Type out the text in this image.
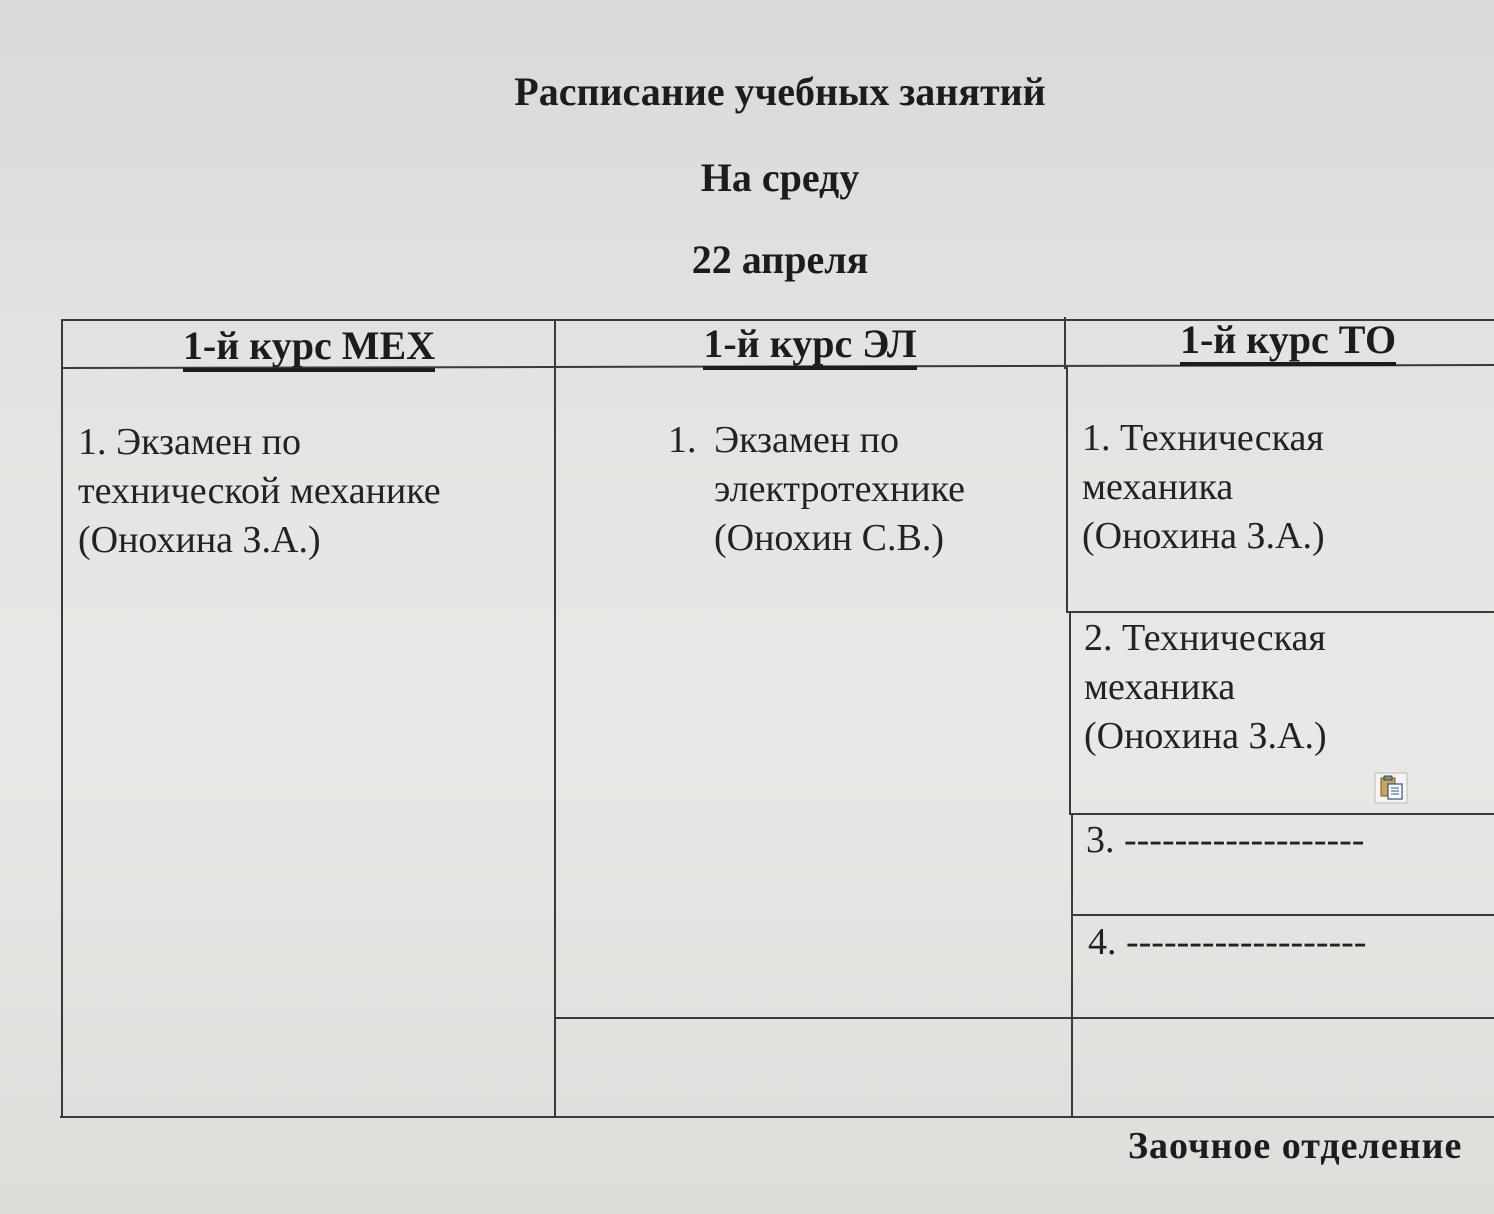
Расписание учебных занятий
На среду
22 апреля
1-й курс МЕХ	1-й курс ЭЛ	1-й курс ТО
1. Экзамен по
технической механике
(Онохина З.А.)
1. Экзамен по
электротехнике
(Онохин С.В.)
1. Техническая
механика
(Онохина З.А.)
2. Техническая
механика
(Онохина З.А.)
3. -------------------
4. -------------------
Заочное отделение
